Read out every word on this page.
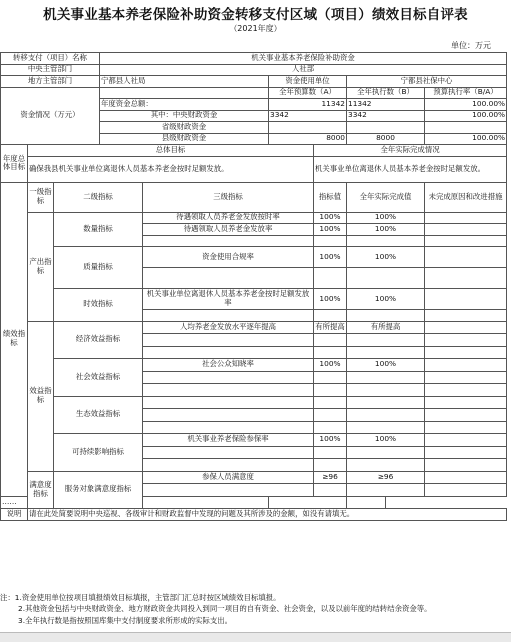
机关事业基本养老保险补助资金转移支付区域（项目）绩效目标自评表
（2021年度）
单位：万元
转移支付（项目）名称			机关事业基本养老保险补助资金					
中央主管部门			人社部					
地方主管部门			宁都县人社局		资金使用单位		宁都县社保中心	
资金情况（万元）					全年预算数（A）		全年执行数（B）	预算执行率（B/A）
			年度资金总额：		11342		11342	100.00%
			其中：中央财政资金		3342		3342	100.00%
			省级财政资金					
			县级财政资金		8000		8000	100.00%
年度总体目标	总体目标					全年实际完成情况		
	确保我县机关事业单位离退休人员基本养老金按时足额发放。					机关事业单位离退休人员基本养老金按时足额发放。		
绩效指标	一级指标	二级指标		三级指标		指标值	全年实际完成值	未完成原因和改进措施
	产出指标	数量指标		待遇领取人员养老金发放按时率		100%	100%	
				待遇领取人员养老金发放率		100%	100%	

		质量指标		资金使用合规率		100%	100%	

		时效指标		机关事业单位离退休人员基本养老金按时足额发放率		100%	100%	

	效益指标	经济效益指标		人均养老金发放水平逐年提高		有所提高	有所提高	

		社会效益指标		社会公众知晓率		100%	100%	

		生态效益指标						

		可持续影响指标		机关事业养老保险参保率		100%	100%	

	满意度指标	服务对象满意度指标		参保人员满意度		≥96	≥96	

……								
说明	请在此处简要说明中央巡视、各级审计和财政监督中发现的问题及其所涉及的金额，如没有请填无。							
注：1.资金使用单位按项目填报绩效目标填报，主管部门汇总时按区域绩效目标填报。
2.其他资金包括与中央财政资金、地方财政资金共同投入到同一项目的自有资金、社会资金，以及以前年度的结转结余资金等。
3.全年执行数是指按照国库集中支付制度要求所形成的实际支出。
